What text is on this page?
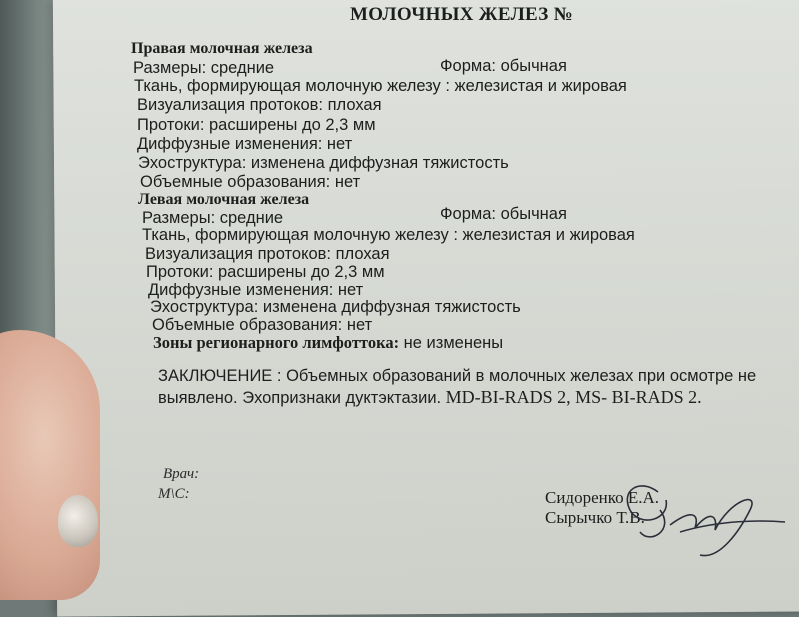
МОЛОЧНЫХ ЖЕЛЕЗ №
Правая молочная железа
Размеры: средние	Форма: обычная
Ткань, формирующая молочную железу : железистая и жировая
Визуализация протоков: плохая
Протоки: расширены до 2,3 мм
Диффузные изменения: нет
Эхоструктура: изменена диффузная тяжистость
Объемные образования: нет
Левая молочная железа
Размеры: средние	Форма: обычная
Ткань, формирующая молочную железу : железистая и жировая
Визуализация протоков: плохая
Протоки: расширены до 2,3 мм
Диффузные изменения: нет
Эхоструктура: изменена диффузная тяжистость
Объемные образования: нет
Зоны регионарного лимфоттока: не изменены
ЗАКЛЮЧЕНИЕ : Объемных образований в молочных железах при осмотре не выявлено. Эхопризнаки дуктэктазии. MD-BI-RADS 2, MS- BI-RADS 2.
Врач:
М\С:	Сидоренко Е.А.
Сырычко Т.В.
